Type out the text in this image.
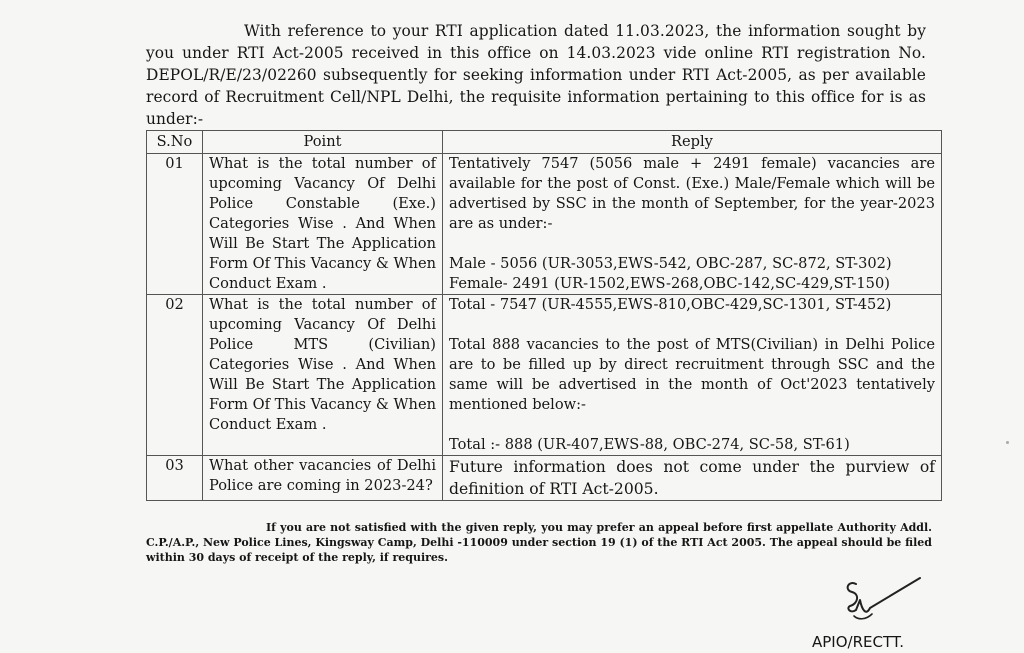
With reference to your RTI application dated 11.03.2023, the information sought by you under RTI Act-2005 received in this office on 14.03.2023 vide online RTI registration No. DEPOL/R/E/23/02260 subsequently for seeking information under RTI Act-2005, as per available record of Recruitment Cell/NPL Delhi, the requisite information pertaining to this office for is as under:-
S.No	Point	Reply
01	What is the total number of upcoming Vacancy Of Delhi Police Constable (Exe.) Categories Wise . And When Will Be Start The Application Form Of This Vacancy & When Conduct Exam .	Tentatively 7547 (5056 male + 2491 female) vacancies are available for the post of Const. (Exe.) Male/Female which will be advertised by SSC in the month of September, for the year-2023 are as under:-
Male - 5056 (UR-3053,EWS-542, OBC-287, SC-872, ST-302)
Female- 2491 (UR-1502,EWS-268,OBC-142,SC-429,ST-150)

02	What is the total number of upcoming Vacancy Of Delhi Police MTS (Civilian) Categories Wise . And When Will Be Start The Application Form Of This Vacancy & When Conduct Exam .	Total - 7547 (UR-4555,EWS-810,OBC-429,SC-1301, ST-452)
Total 888 vacancies to the post of MTS(Civilian) in Delhi Police are to be filled up by direct recruitment through SSC and the same will be advertised in the month of Oct'2023 tentatively mentioned below:-
Total :- 888 (UR-407,EWS-88, OBC-274, SC-58, ST-61)

03	What other vacancies of Delhi Police are coming in 2023-24?	Future information does not come under the purview of definition of RTI Act-2005.
If you are not satisfied with the given reply, you may prefer an appeal before first appellate Authority Addl. C.P./A.P., New Police Lines, Kingsway Camp, Delhi -110009 under section 19 (1) of the RTI Act 2005. The appeal should be filed within 30 days of receipt of the reply, if requires.
APIO/RECTT.
